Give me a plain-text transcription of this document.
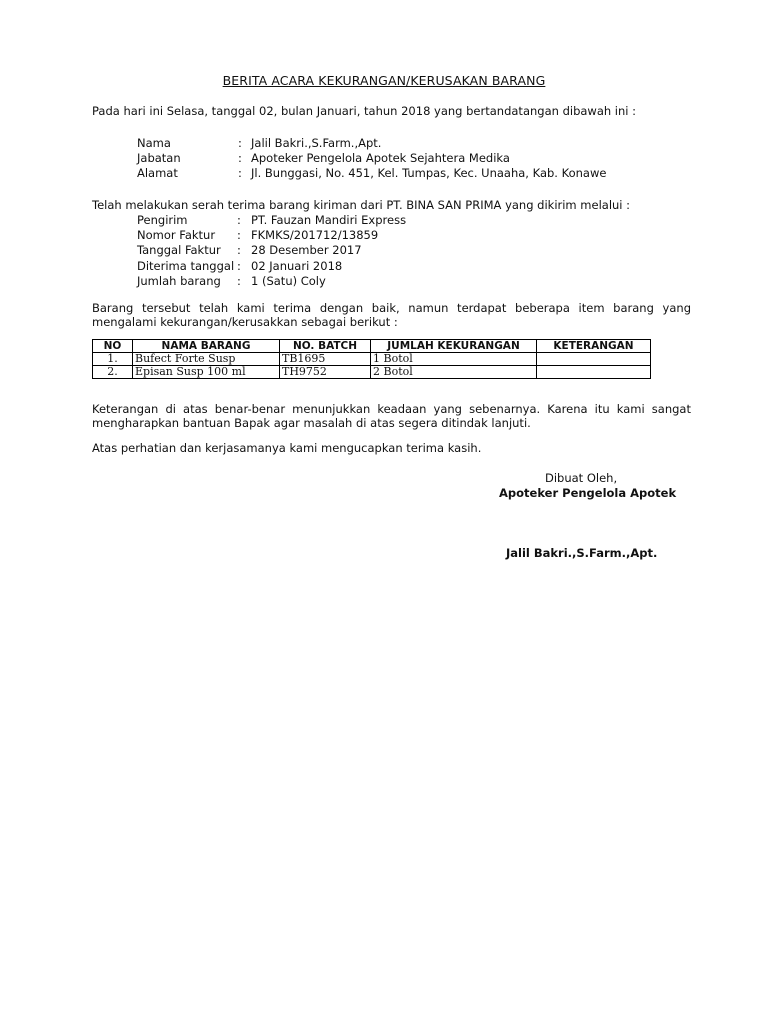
BERITA ACARA KEKURANGAN/KERUSAKAN BARANG
Pada hari ini Selasa, tanggal 02, bulan Januari, tahun 2018 yang bertandatangan dibawah ini :
Nama	: Jalil Bakri.,S.Farm.,Apt.
Jabatan	: Apoteker Pengelola Apotek Sejahtera Medika
Alamat	: Jl. Bunggasi, No. 451, Kel. Tumpas, Kec. Unaaha, Kab. Konawe
Telah melakukan serah terima barang kiriman dari PT. BINA SAN PRIMA yang dikirim melalui :
Pengirim	: PT. Fauzan Mandiri Express
Nomor Faktur : FKMKS/201712/13859
Tanggal Faktur : 28 Desember 2017
Diterima tanggal : 02 Januari 2018
Jumlah barang : 1 (Satu) Coly
Barang tersebut telah kami terima dengan baik, namun terdapat beberapa item barang yang mengalami kekurangan/kerusakkan sebagai berikut :
NO	NAMA BARANG	NO. BATCH	JUMLAH KEKURANGAN	KETERANGAN
1.	Bufect Forte Susp	TB1695	1 Botol	
2.	Episan Susp 100 ml	TH9752	2 Botol	
Keterangan di atas benar-benar menunjukkan keadaan yang sebenarnya. Karena itu kami sangat mengharapkan bantuan Bapak agar masalah di atas segera ditindak lanjuti.
Atas perhatian dan kerjasamanya kami mengucapkan terima kasih.
Dibuat Oleh,
Apoteker Pengelola Apotek
Jalil Bakri.,S.Farm.,Apt.
